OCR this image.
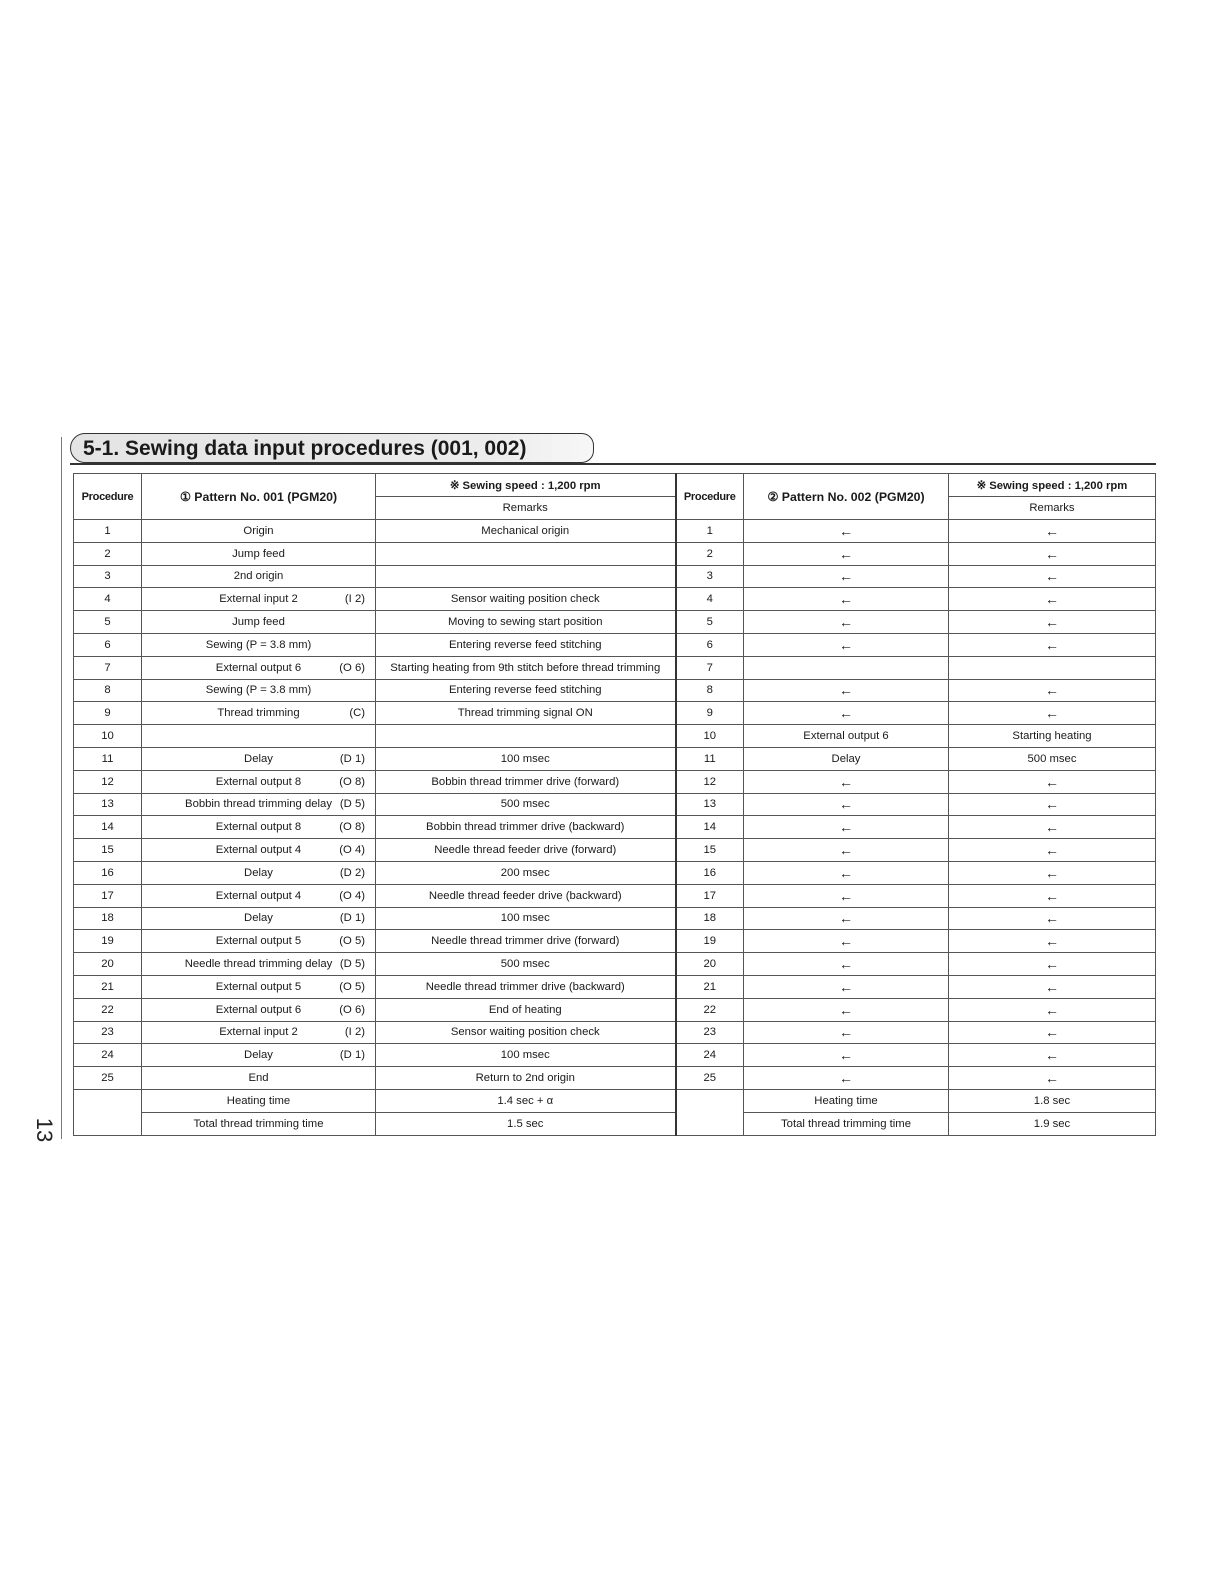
13
5-1. Sewing data input procedures (001, 002)
Procedure	① Pattern No. 001 (PGM20)	※ Sewing speed : 1,200 rpm	Procedure	② Pattern No. 002 (PGM20)	※ Sewing speed : 1,200 rpm
		Remarks			Remarks
1	Origin	Mechanical origin	1	←	←
2	Jump feed		2	←	←
3	2nd origin		3	←	←
4	External input 2 (I 2)	Sensor waiting position check	4	←	←
5	Jump feed	Moving to sewing start position	5	←	←
6	Sewing (P = 3.8 mm)	Entering reverse feed stitching	6	←	←
7	External output 6 (O 6)	Starting heating from 9th stitch before thread trimming	7		
8	Sewing (P = 3.8 mm)	Entering reverse feed stitching	8	←	←
9	Thread trimming (C)	Thread trimming signal ON	9	←	←
10			10	External output 6	Starting heating
11	Delay (D 1)	100 msec	11	Delay	500 msec
12	External output 8 (O 8)	Bobbin thread trimmer drive (forward)	12	←	←
13	Bobbin thread trimming delay (D 5)	500 msec	13	←	←
14	External output 8 (O 8)	Bobbin thread trimmer drive (backward)	14	←	←
15	External output 4 (O 4)	Needle thread feeder drive (forward)	15	←	←
16	Delay (D 2)	200 msec	16	←	←
17	External output 4 (O 4)	Needle thread feeder drive (backward)	17	←	←
18	Delay (D 1)	100 msec	18	←	←
19	External output 5 (O 5)	Needle thread trimmer drive (forward)	19	←	←
20	Needle thread trimming delay (D 5)	500 msec	20	←	←
21	External output 5 (O 5)	Needle thread trimmer drive (backward)	21	←	←
22	External output 6 (O 6)	End of heating	22	←	←
23	External input 2 (I 2)	Sensor waiting position check	23	←	←
24	Delay (D 1)	100 msec	24	←	←
25	End	Return to 2nd origin	25	←	←
	Heating time	1.4 sec + α		Heating time	1.8 sec
	Total thread trimming time	1.5 sec		Total thread trimming time	1.9 sec
